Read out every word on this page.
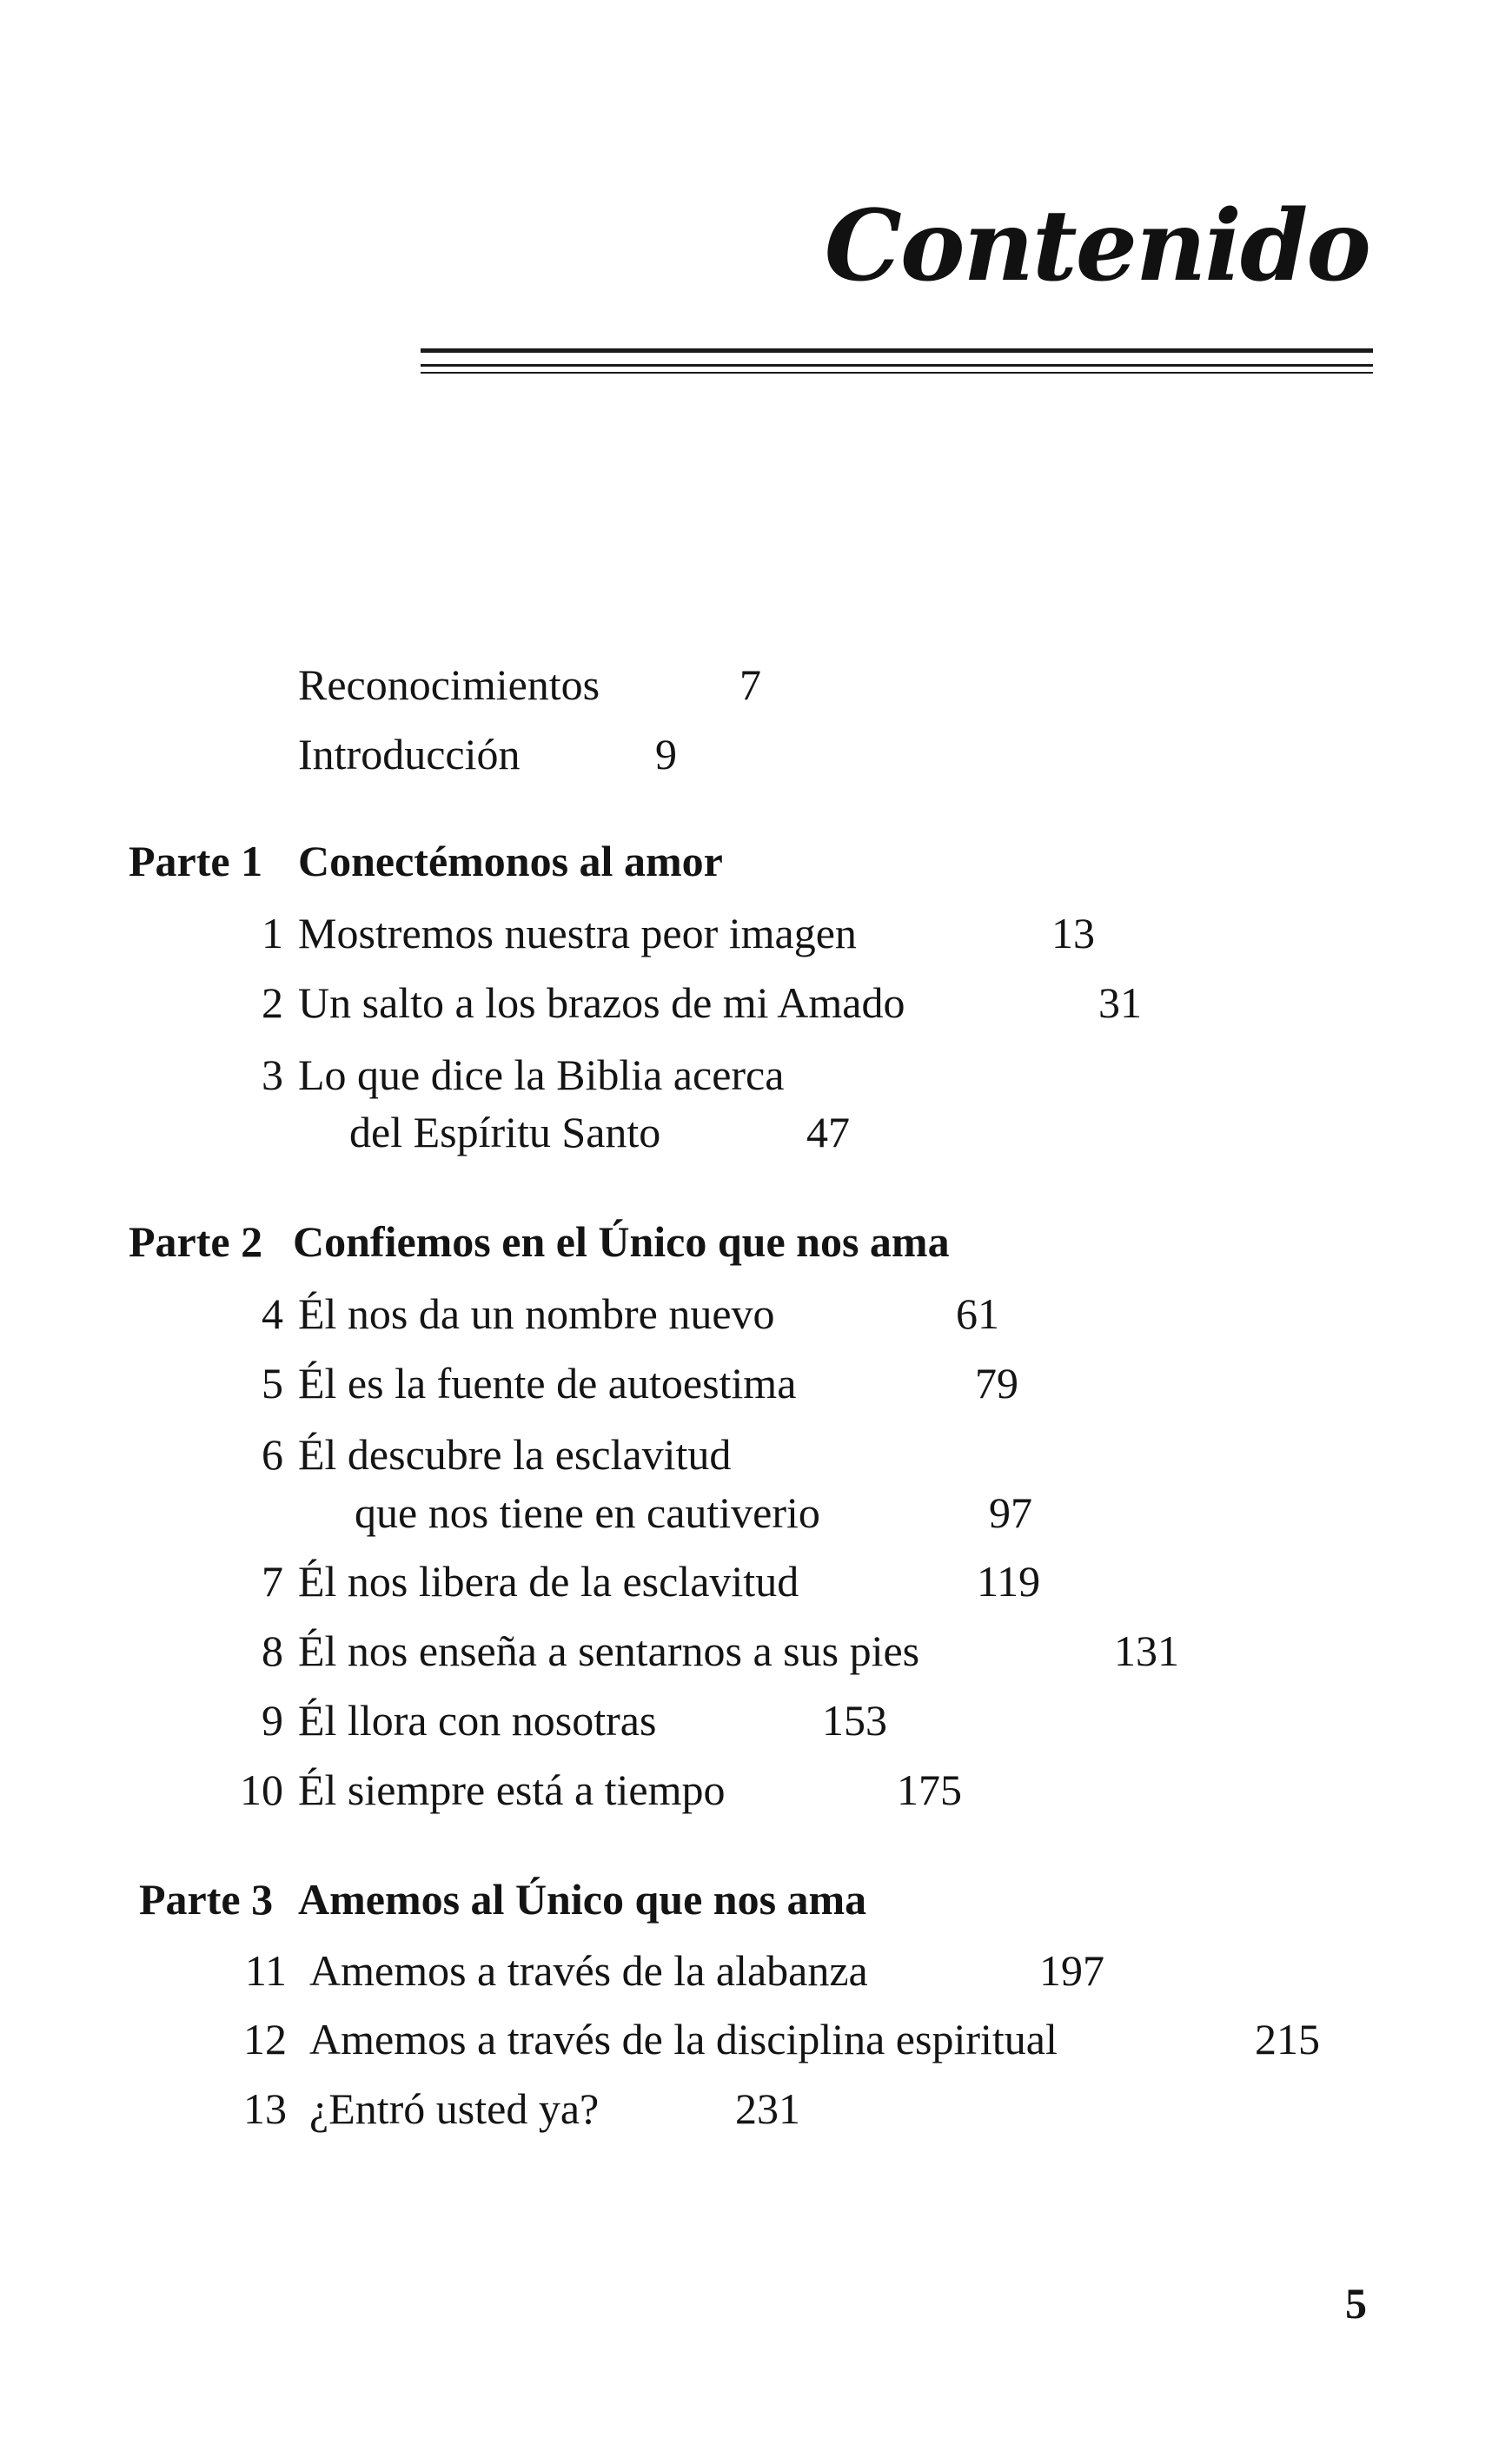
Contenido
Reconocimientos	7
Introducción	9
Parte 1 Conectémonos al amor
1 Mostremos nuestra peor imagen	13
2 Un salto a los brazos de mi Amado	31
3 Lo que dice la Biblia acerca
del Espíritu Santo	47
Parte 2 Confiemos en el Único que nos ama
4 Él nos da un nombre nuevo	61
5 Él es la fuente de autoestima	79
6 Él descubre la esclavitud
que nos tiene en cautiverio	97
7 Él nos libera de la esclavitud	119
8 Él nos enseña a sentarnos a sus pies	131
9 Él llora con nosotras	153
10 Él siempre está a tiempo	175
Parte 3 Amemos al Único que nos ama
11 Amemos a través de la alabanza	197
12 Amemos a través de la disciplina espiritual	215
13 ¿Entró usted ya?	231
5
